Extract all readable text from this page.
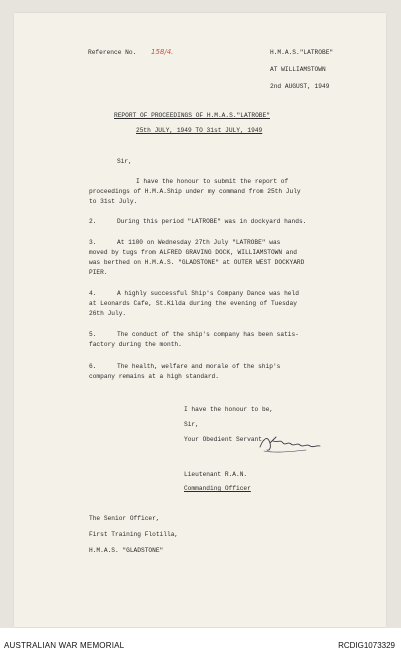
Reference No. 158/4.	H.M.A.S."LATROBE"
AT WILLIAMSTOWN
2nd AUGUST, 1949
REPORT OF PROCEEDINGS OF H.M.A.S."LATROBE"
25th JULY, 1949 TO 31st JULY, 1949
Sir,
I have the honour to submit the report of
proceedings of H.M.A.Ship under my command from 25th July
to 31st July.
2.	During this period "LATROBE" was in dockyard hands.
3.	At 1100 on Wednesday 27th July "LATROBE" was
moved by tugs from ALFRED GRAVING DOCK, WILLIAMSTOWN and
was berthed on H.M.A.S. "GLADSTONE" at OUTER WEST DOCKYARD
PIER.
4.	A highly successful Ship's Company Dance was held
at Leonards Cafe, St.Kilda during the evening of Tuesday
26th July.
5.	The conduct of the ship's company has been satis-
factory during the month.
6.	The health, welfare and morale of the ship's
company remains at a high standard.
I have the honour to be,
Sir,
Your Obedient Servant.
Lieutenant R.A.N.
Commanding Officer
The Senior Officer,
First Training Flotilla,
H.M.A.S. "GLADSTONE"
AUSTRALIAN WAR MEMORIAL	RCDIG1073329
